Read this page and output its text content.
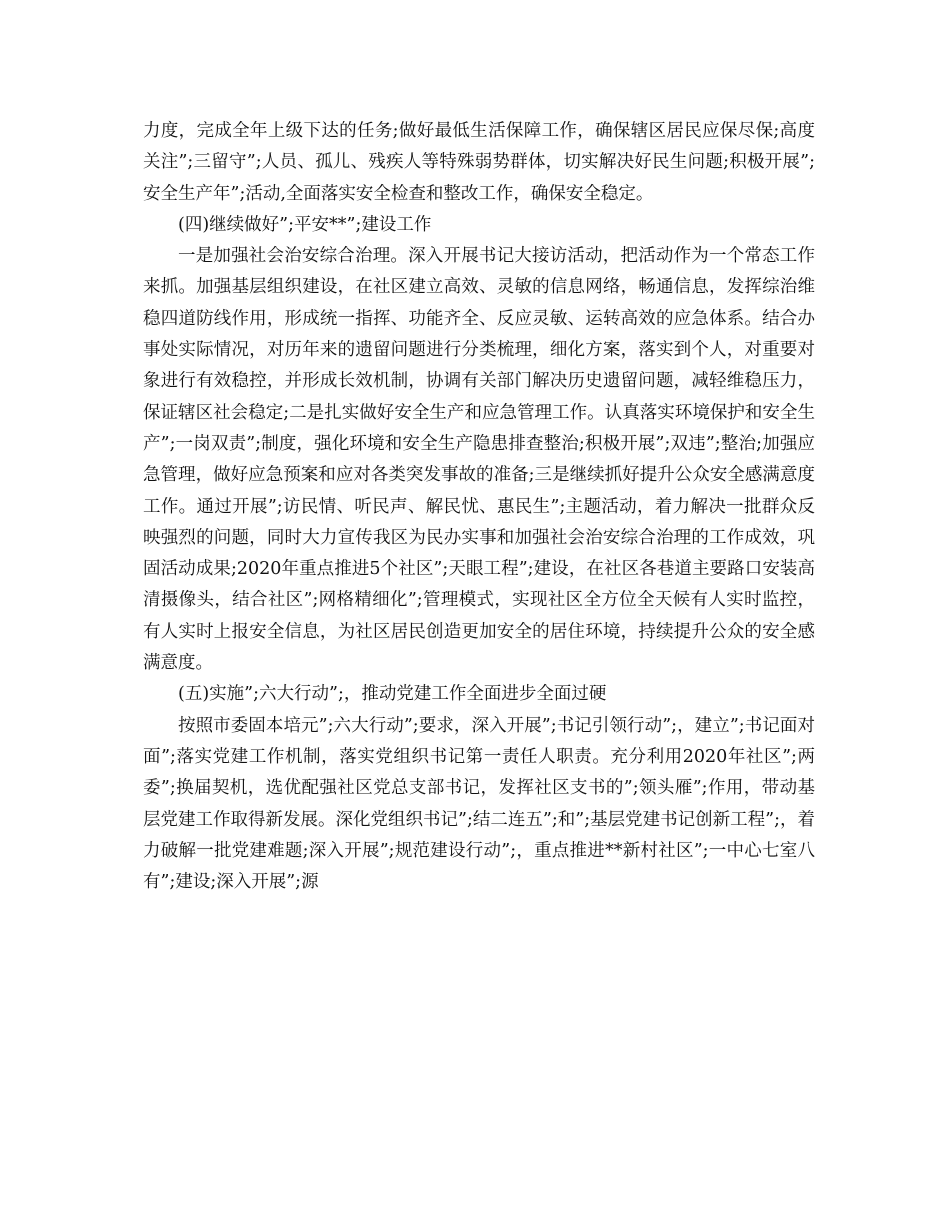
力度，完成全年上级下达的任务;做好最低生活保障工作，确保辖区居民应保尽保;高度关注”;三留守”;人员、孤儿、残疾人等特殊弱势群体，切实解决好民生问题;积极开展”;安全生产年”;活动,全面落实安全检查和整改工作，确保安全稳定。

(四)继续做好”;平安**”;建设工作

一是加强社会治安综合治理。深入开展书记大接访活动，把活动作为一个常态工作来抓。加强基层组织建设，在社区建立高效、灵敏的信息网络，畅通信息，发挥综治维稳四道防线作用，形成统一指挥、功能齐全、反应灵敏、运转高效的应急体系。结合办事处实际情况，对历年来的遗留问题进行分类梳理，细化方案，落实到个人，对重要对象进行有效稳控，并形成长效机制，协调有关部门解决历史遗留问题，减轻维稳压力，保证辖区社会稳定;二是扎实做好安全生产和应急管理工作。认真落实环境保护和安全生产”;一岗双责”;制度，强化环境和安全生产隐患排查整治;积极开展”;双违”;整治;加强应急管理，做好应急预案和应对各类突发事故的准备;三是继续抓好提升公众安全感满意度工作。通过开展”;访民情、听民声、解民忧、惠民生”;主题活动，着力解决一批群众反映强烈的问题，同时大力宣传我区为民办实事和加强社会治安综合治理的工作成效，巩固活动成果;2020年重点推进5个社区”;天眼工程”;建设，在社区各巷道主要路口安装高清摄像头，结合社区”;网格精细化”;管理模式，实现社区全方位全天候有人实时监控，有人实时上报安全信息，为社区居民创造更加安全的居住环境，持续提升公众的安全感满意度。

(五)实施”;六大行动”;，推动党建工作全面进步全面过硬

按照市委固本培元”;六大行动”;要求，深入开展”;书记引领行动”;，建立”;书记面对面”;落实党建工作机制，落实党组织书记第一责任人职责。充分利用2020年社区”;两委”;换届契机，选优配强社区党总支部书记，发挥社区支书的”;领头雁”;作用，带动基层党建工作取得新发展。深化党组织书记”;结二连五”;和”;基层党建书记创新工程”;，着力破解一批党建难题;深入开展”;规范建设行动”;，重点推进**新村社区”;一中心七室八有”;建设;深入开展”;源
